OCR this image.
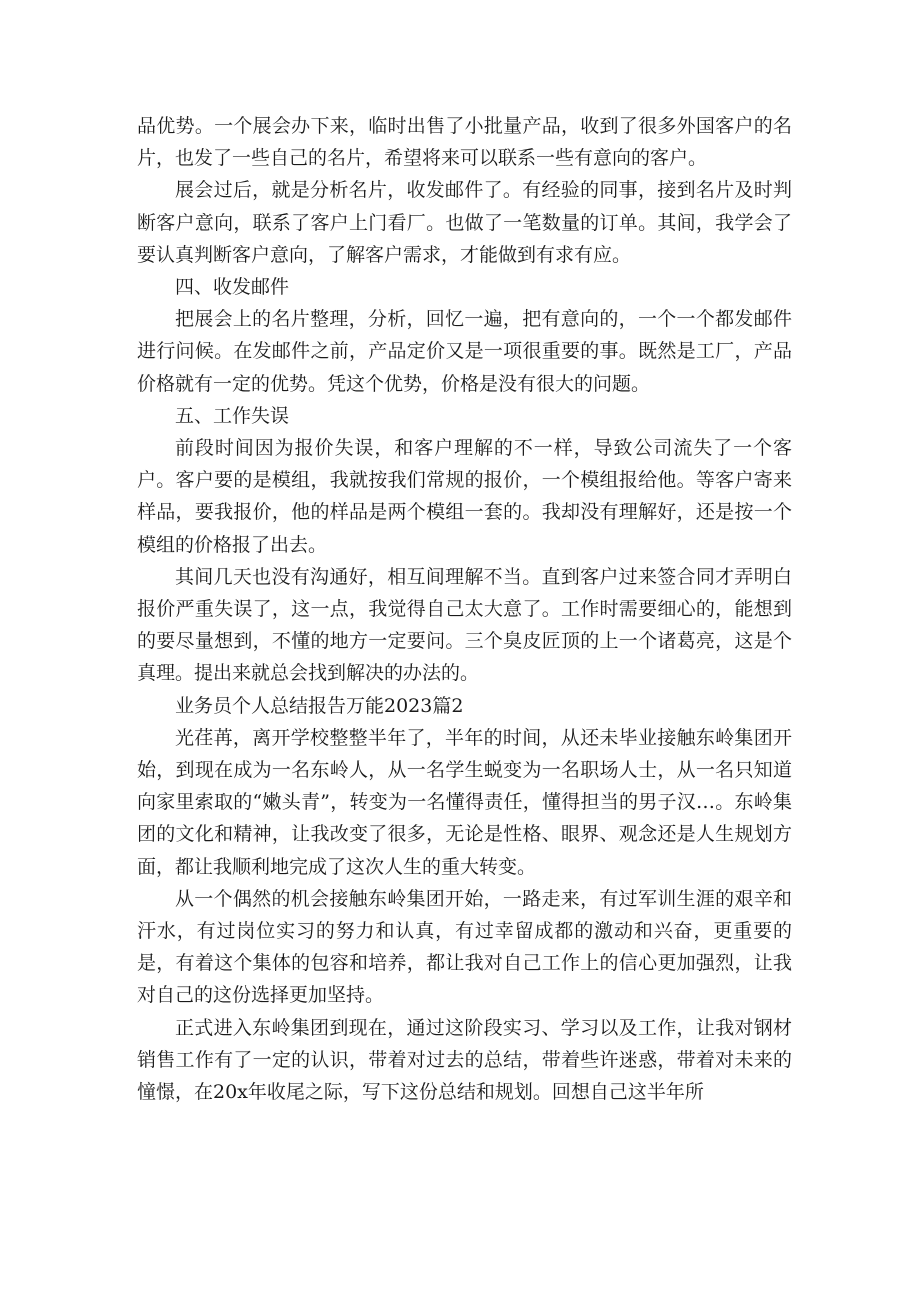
品优势。一个展会办下来，临时出售了小批量产品，收到了很多外国客户的名片，也发了一些自己的名片，希望将来可以联系一些有意向的客户。

展会过后，就是分析名片，收发邮件了。有经验的同事，接到名片及时判断客户意向，联系了客户上门看厂。也做了一笔数量的订单。其间，我学会了要认真判断客户意向，了解客户需求，才能做到有求有应。

四、收发邮件

把展会上的名片整理，分析，回忆一遍，把有意向的，一个一个都发邮件进行问候。在发邮件之前，产品定价又是一项很重要的事。既然是工厂，产品价格就有一定的优势。凭这个优势，价格是没有很大的问题。

五、工作失误

前段时间因为报价失误，和客户理解的不一样，导致公司流失了一个客户。客户要的是模组，我就按我们常规的报价，一个模组报给他。等客户寄来样品，要我报价，他的样品是两个模组一套的。我却没有理解好，还是按一个模组的价格报了出去。

其间几天也没有沟通好，相互间理解不当。直到客户过来签合同才弄明白报价严重失误了，这一点，我觉得自己太大意了。工作时需要细心的，能想到的要尽量想到，不懂的地方一定要问。三个臭皮匠顶的上一个诸葛亮，这是个真理。提出来就总会找到解决的办法的。

业务员个人总结报告万能2023篇2

光荏苒，离开学校整整半年了，半年的时间，从还未毕业接触东岭集团开始，到现在成为一名东岭人，从一名学生蜕变为一名职场人士，从一名只知道向家里索取的“嫩头青”，转变为一名懂得责任，懂得担当的男子汉…。东岭集团的文化和精神，让我改变了很多，无论是性格、眼界、观念还是人生规划方面，都让我顺利地完成了这次人生的重大转变。

从一个偶然的机会接触东岭集团开始，一路走来，有过军训生涯的艰辛和汗水，有过岗位实习的努力和认真，有过幸留成都的激动和兴奋，更重要的是，有着这个集体的包容和培养，都让我对自己工作上的信心更加强烈，让我对自己的这份选择更加坚持。

正式进入东岭集团到现在，通过这阶段实习、学习以及工作，让我对钢材销售工作有了一定的认识，带着对过去的总结，带着些许迷惑，带着对未来的憧憬，在20x年收尾之际，写下这份总结和规划。回想自己这半年所
